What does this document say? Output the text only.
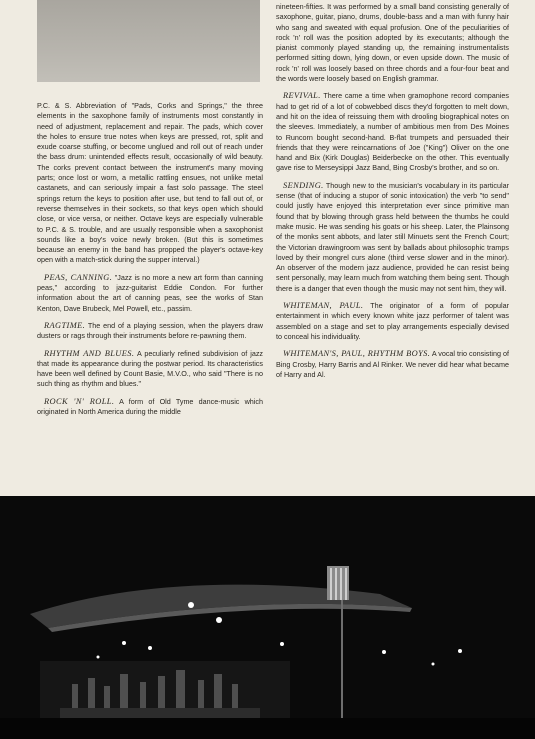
P.C. & S. Abbreviation of "Pads, Corks and Springs," the three elements in the saxophone family of instruments most constantly in need of adjustment, replacement and repair. The pads, which cover the holes to ensure true notes when keys are pressed, rot, split and exude coarse stuffing, or become unglued and roll out of reach under the bass drum: unintended effects result, occasionally of wild beauty. The corks prevent contact between the instrument's many moving parts; once lost or worn, a metallic rattling ensues, not unlike metal castanets, and can seriously impair a fast solo passage. The steel springs return the keys to position after use, but tend to fall out of, or reverse themselves in their sockets, so that keys open which should close, or vice versa, or neither. Octave keys are especially vulnerable to P.C. & S. trouble, and are usually responsible when a saxophonist sounds like a boy's voice newly broken. (But this is sometimes because an enemy in the band has propped the player's octave-key open with a match-stick during the supper interval.)

PEAS, CANNING. "Jazz is no more a new art form than canning peas," according to jazz-guitarist Eddie Condon. For further information about the art of canning peas, see the works of Stan Kenton, Dave Brubeck, Mel Powell, etc., passim.

RAGTIME. The end of a playing session, when the players draw dusters or rags through their instruments before re-pawning them.

RHYTHM AND BLUES. A peculiarly refined subdivision of jazz that made its appearance during the postwar period. Its characteristics have been well defined by Count Basie, M.V.O., who said "There is no such thing as rhythm and blues."

ROCK 'N' ROLL. A form of Old Tyme dance-music which originated in North America during the middle

nineteen-fifties. It was performed by a small band consisting generally of saxophone, guitar, piano, drums, double-bass and a man with funny hair who sang and sweated with equal profusion. One of the peculiarities of rock 'n' roll was the position adopted by its executants; although the pianist commonly played standing up, the remaining instrumentalists performed sitting down, lying down, or even upside down. The music of rock 'n' roll was loosely based on three chords and a four-four beat and the words were loosely based on English grammar.

REVIVAL. There came a time when gramophone record companies had to get rid of a lot of cobwebbed discs they'd forgotten to melt down, and hit on the idea of reissuing them with drooling biographical notes on the sleeves. Immediately, a number of ambitious men from Des Moines to Runcorn bought second-hand. B-flat trumpets and persuaded their friends that they were reincarnations of Joe ("King") Oliver on the one hand and Bix (Kirk Douglas) Beiderbecke on the other. This eventually gave rise to Merseysippi Jazz Band, Bing Crosby's brother, and so on.

SENDING. Though new to the musician's vocabulary in its particular sense (that of inducing a stupor of sonic intoxication) the verb "to send" could justly have enjoyed this interpretation ever since primitive man found that by blowing through grass held between the thumbs he could make music. He was sending his goats or his sheep. Later, the Plainsong of the monks sent abbots, and later still Minuets sent the French Court; the Victorian drawingroom was sent by ballads about philosophic tramps loved by their mongrel curs alone (third verse slower and in the minor). An observer of the modern jazz audience, provided he can resist being sent personally, may learn much from watching them being sent. Though there is a danger that even though the music may not sent him, they will.

WHITEMAN, PAUL. The originator of a form of popular entertainment in which every known white jazz performer of talent was assembled on a stage and set to play arrangements especially devised to conceal his individuality.

WHITEMAN'S, PAUL, RHYTHM BOYS. A vocal trio consisting of Bing Crosby, Harry Barris and Al Rinker. We never did hear what became of Harry and Al.
